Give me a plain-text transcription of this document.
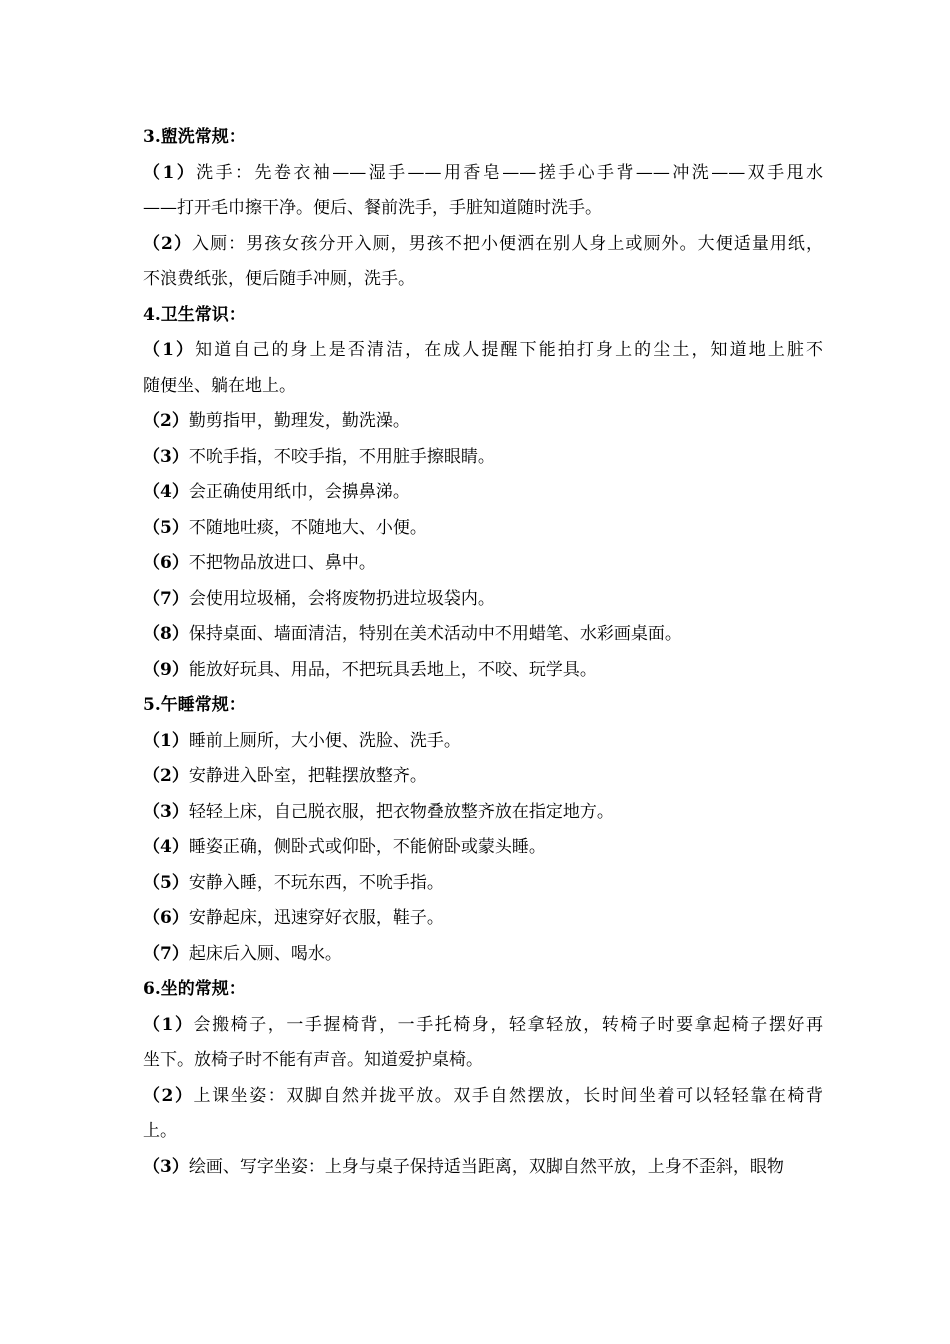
3.盥洗常规：
（1）洗手：先卷衣袖——湿手——用香皂——搓手心手背——冲洗——双手甩水
——打开毛巾擦干净。便后、餐前洗手，手脏知道随时洗手。
（2）入厕：男孩女孩分开入厕，男孩不把小便洒在别人身上或厕外。大便适量用纸，
不浪费纸张，便后随手冲厕，洗手。
4.卫生常识：
（1）知道自己的身上是否清洁，在成人提醒下能拍打身上的尘土，知道地上脏不
随便坐、躺在地上。
（2）勤剪指甲，勤理发，勤洗澡。
（3）不吮手指，不咬手指，不用脏手擦眼睛。
（4）会正确使用纸巾，会擤鼻涕。
（5）不随地吐痰，不随地大、小便。
（6）不把物品放进口、鼻中。
（7）会使用垃圾桶，会将废物扔进垃圾袋内。
（8）保持桌面、墙面清洁，特别在美术活动中不用蜡笔、水彩画桌面。
（9）能放好玩具、用品，不把玩具丢地上，不咬、玩学具。
5.午睡常规：
（1）睡前上厕所，大小便、洗脸、洗手。
（2）安静进入卧室，把鞋摆放整齐。
（3）轻轻上床，自己脱衣服，把衣物叠放整齐放在指定地方。
（4）睡姿正确，侧卧式或仰卧，不能俯卧或蒙头睡。
（5）安静入睡，不玩东西，不吮手指。
（6）安静起床，迅速穿好衣服，鞋子。
（7）起床后入厕、喝水。
6.坐的常规：
（1）会搬椅子，一手握椅背，一手托椅身，轻拿轻放，转椅子时要拿起椅子摆好再
坐下。放椅子时不能有声音。知道爱护桌椅。
（2）上课坐姿：双脚自然并拢平放。双手自然摆放，长时间坐着可以轻轻靠在椅背
上。
（3）绘画、写字坐姿：上身与桌子保持适当距离，双脚自然平放，上身不歪斜，眼物
